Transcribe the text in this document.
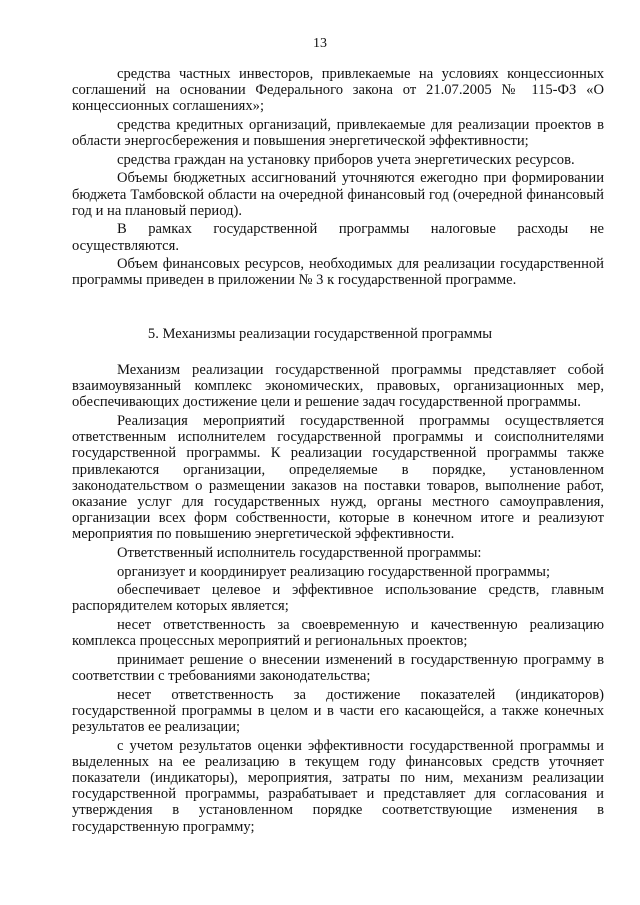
13

средства частных инвесторов, привлекаемые на условиях концессионных соглашений на основании Федерального закона от 21.07.2005 № 115-ФЗ «О концессионных соглашениях»;

средства кредитных организаций, привлекаемые для реализации проектов в области энергосбережения и повышения энергетической эффективности;

средства граждан на установку приборов учета энергетических ресурсов.

Объемы бюджетных ассигнований уточняются ежегодно при формировании бюджета Тамбовской области на очередной финансовый год (очередной финансовый год и на плановый период).

В рамках государственной программы налоговые расходы не осуществляются.

Объем финансовых ресурсов, необходимых для реализации государственной программы приведен в приложении № 3 к государственной программе.

5. Механизмы реализации государственной программы

Механизм реализации государственной программы представляет собой взаимоувязанный комплекс экономических, правовых, организационных мер, обеспечивающих достижение цели и решение задач государственной программы.

Реализация мероприятий государственной программы осуществляется ответственным исполнителем государственной программы и соисполнителями государственной программы. К реализации государственной программы также привлекаются организации, определяемые в порядке, установленном законодательством о размещении заказов на поставки товаров, выполнение работ, оказание услуг для государственных нужд, органы местного самоуправления, организации всех форм собственности, которые в конечном итоге и реализуют мероприятия по повышению энергетической эффективности.

Ответственный исполнитель государственной программы:

организует и координирует реализацию государственной программы;

обеспечивает целевое и эффективное использование средств, главным распорядителем которых является;

несет ответственность за своевременную и качественную реализацию комплекса процессных мероприятий и региональных проектов;

принимает решение о внесении изменений в государственную программу в соответствии с требованиями законодательства;

несет ответственность за достижение показателей (индикаторов) государственной программы в целом и в части его касающейся, а также конечных результатов ее реализации;

с учетом результатов оценки эффективности государственной программы и выделенных на ее реализацию в текущем году финансовых средств уточняет показатели (индикаторы), мероприятия, затраты по ним, механизм реализации государственной программы, разрабатывает и представляет для согласования и утверждения в установленном порядке соответствующие изменения в государственную программу;
